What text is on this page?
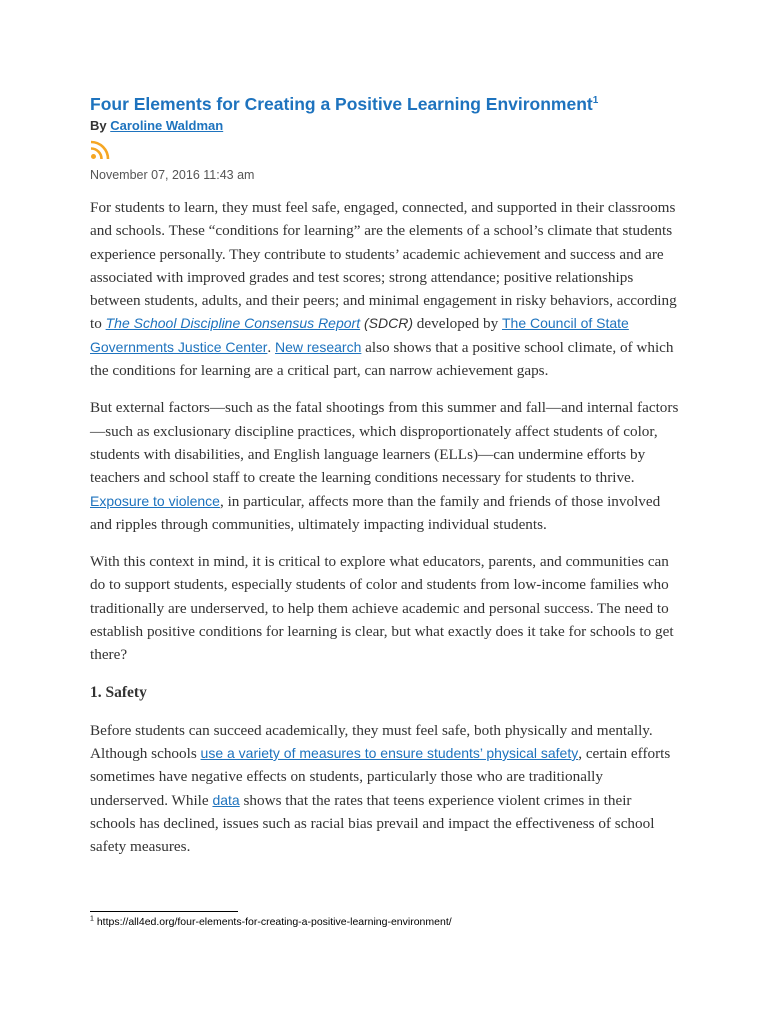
Four Elements for Creating a Positive Learning Environment$^1$
By Caroline Waldman
November 07, 2016 11:43 am

For students to learn, they must feel safe, engaged, connected, and supported in their classrooms and schools. These “conditions for learning” are the elements of a school’s climate that students experience personally. They contribute to students’ academic achievement and success and are associated with improved grades and test scores; strong attendance; positive relationships between students, adults, and their peers; and minimal engagement in risky behaviors, according to The School Discipline Consensus Report (SDCR) developed by The Council of State Governments Justice Center. New research also shows that a positive school climate, of which the conditions for learning are a critical part, can narrow achievement gaps.

But external factors—such as the fatal shootings from this summer and fall—and internal factors—such as exclusionary discipline practices, which disproportionately affect students of color, students with disabilities, and English language learners (ELLs)—can undermine efforts by teachers and school staff to create the learning conditions necessary for students to thrive. Exposure to violence, in particular, affects more than the family and friends of those involved and ripples through communities, ultimately impacting individual students.

With this context in mind, it is critical to explore what educators, parents, and communities can do to support students, especially students of color and students from low-income families who traditionally are underserved, to help them achieve academic and personal success. The need to establish positive conditions for learning is clear, but what exactly does it take for schools to get there?

1. Safety

Before students can succeed academically, they must feel safe, both physically and mentally. Although schools use a variety of measures to ensure students’ physical safety, certain efforts sometimes have negative effects on students, particularly those who are traditionally underserved. While data shows that the rates that teens experience violent crimes in their schools has declined, issues such as racial bias prevail and impact the effectiveness of school safety measures.

$^1$ https://all4ed.org/four-elements-for-creating-a-positive-learning-environment/
